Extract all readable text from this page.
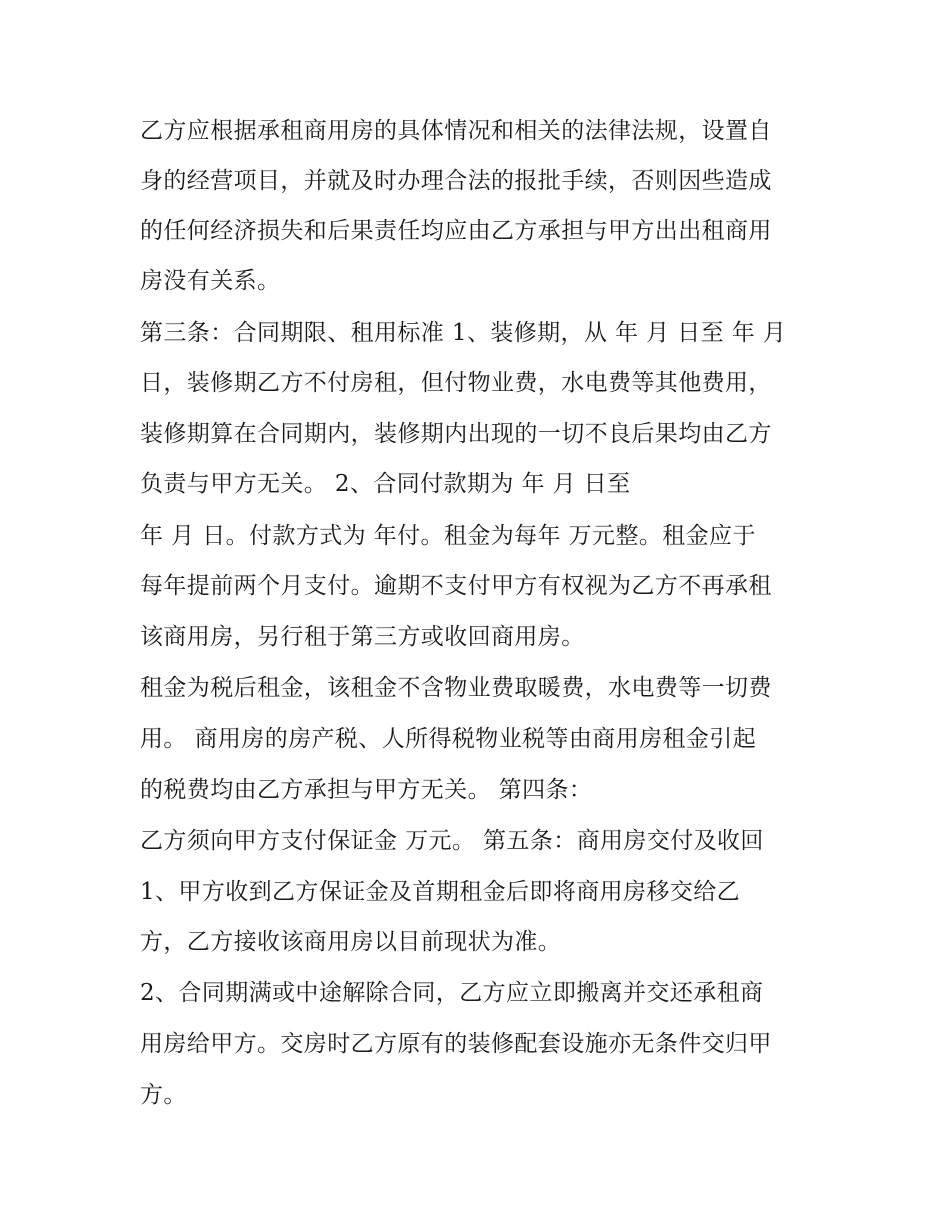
乙方应根据承租商用房的具体情况和相关的法律法规，设置自
身的经营项目，并就及时办理合法的报批手续，否则因些造成
的任何经济损失和后果责任均应由乙方承担与甲方出出租商用
房没有关系。
第三条：合同期限、租用标准 1、装修期，从 年 月 日至 年 月
日，装修期乙方不付房租，但付物业费，水电费等其他费用，
装修期算在合同期内，装修期内出现的一切不良后果均由乙方
负责与甲方无关。 2、合同付款期为 年 月 日至
年 月 日。付款方式为 年付。租金为每年 万元整。租金应于
每年提前两个月支付。逾期不支付甲方有权视为乙方不再承租
该商用房，另行租于第三方或收回商用房。
租金为税后租金，该租金不含物业费取暖费，水电费等一切费
用。 商用房的房产税、人所得税物业税等由商用房租金引起
的税费均由乙方承担与甲方无关。 第四条：
乙方须向甲方支付保证金 万元。 第五条：商用房交付及收回
1、甲方收到乙方保证金及首期租金后即将商用房移交给乙
方，乙方接收该商用房以目前现状为准。
2、合同期满或中途解除合同，乙方应立即搬离并交还承租商
用房给甲方。交房时乙方原有的装修配套设施亦无条件交归甲
方。
